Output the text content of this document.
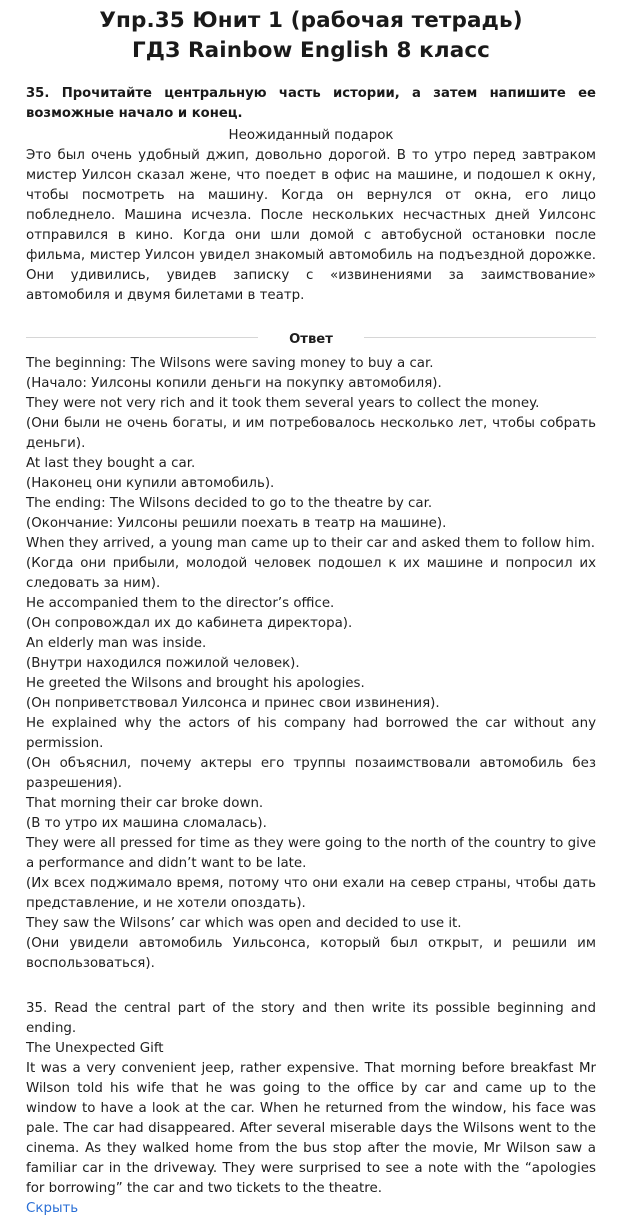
Упр.35 Юнит 1 (рабочая тетрадь)
ГДЗ Rainbow English 8 класс
35. Прочитайте центральную часть истории, а затем напишите ее возможные начало и конец.
Неожиданный подарок

Это был очень удобный джип, довольно дорогой. В то утро перед завтраком мистер Уилсон сказал жене, что поедет в офис на машине, и подошел к окну, чтобы посмотреть на машину. Когда он вернулся от окна, его лицо побледнело. Машина исчезла. После нескольких несчастных дней Уилсонс отправился в кино. Когда они шли домой с автобусной остановки после фильма, мистер Уилсон увидел знакомый автомобиль на подъездной дорожке. Они удивились, увидев записку с «извинениями за заимствование» автомобиля и двумя билетами в театр.

Ответ

The beginning: The Wilsons were saving money to buy a car.

(Начало: Уилсоны копили деньги на покупку автомобиля).

They were not very rich and it took them several years to collect the money.

(Они были не очень богаты, и им потребовалось несколько лет, чтобы собрать деньги).

At last they bought a car.

(Наконец они купили автомобиль).

The ending: The Wilsons decided to go to the theatre by car.

(Окончание: Уилсоны решили поехать в театр на машине).

When they arrived, a young man came up to their car and asked them to follow him.

(Когда они прибыли, молодой человек подошел к их машине и попросил их следовать за ним).

He accompanied them to the director’s office.

(Он сопровождал их до кабинета директора).

An elderly man was inside.

(Внутри находился пожилой человек).

He greeted the Wilsons and brought his apologies.

(Он поприветствовал Уилсонса и принес свои извинения).

He explained why the actors of his company had borrowed the car without any permission.

(Он объяснил, почему актеры его труппы позаимствовали автомобиль без разрешения).

That morning their car broke down.

(В то утро их машина сломалась).

They were all pressed for time as they were going to the north of the country to give a performance and didn’t want to be late.

(Их всех поджимало время, потому что они ехали на север страны, чтобы дать представление, и не хотели опоздать).

They saw the Wilsons’ car which was open and decided to use it.

(Они увидели автомобиль Уильсонса, который был открыт, и решили им воспользоваться).

35. Read the central part of the story and then write its possible beginning and ending.

The Unexpected Gift

It was a very convenient jeep, rather expensive. That morning before breakfast Mr Wilson told his wife that he was going to the office by car and came up to the window to have a look at the car. When he returned from the window, his face was pale. The car had disappeared. After several miserable days the Wilsons went to the cinema. As they walked home from the bus stop after the movie, Mr Wilson saw a familiar car in the driveway. They were surprised to see a note with the “apologies for borrowing” the car and two tickets to the theatre.

Скрыть
